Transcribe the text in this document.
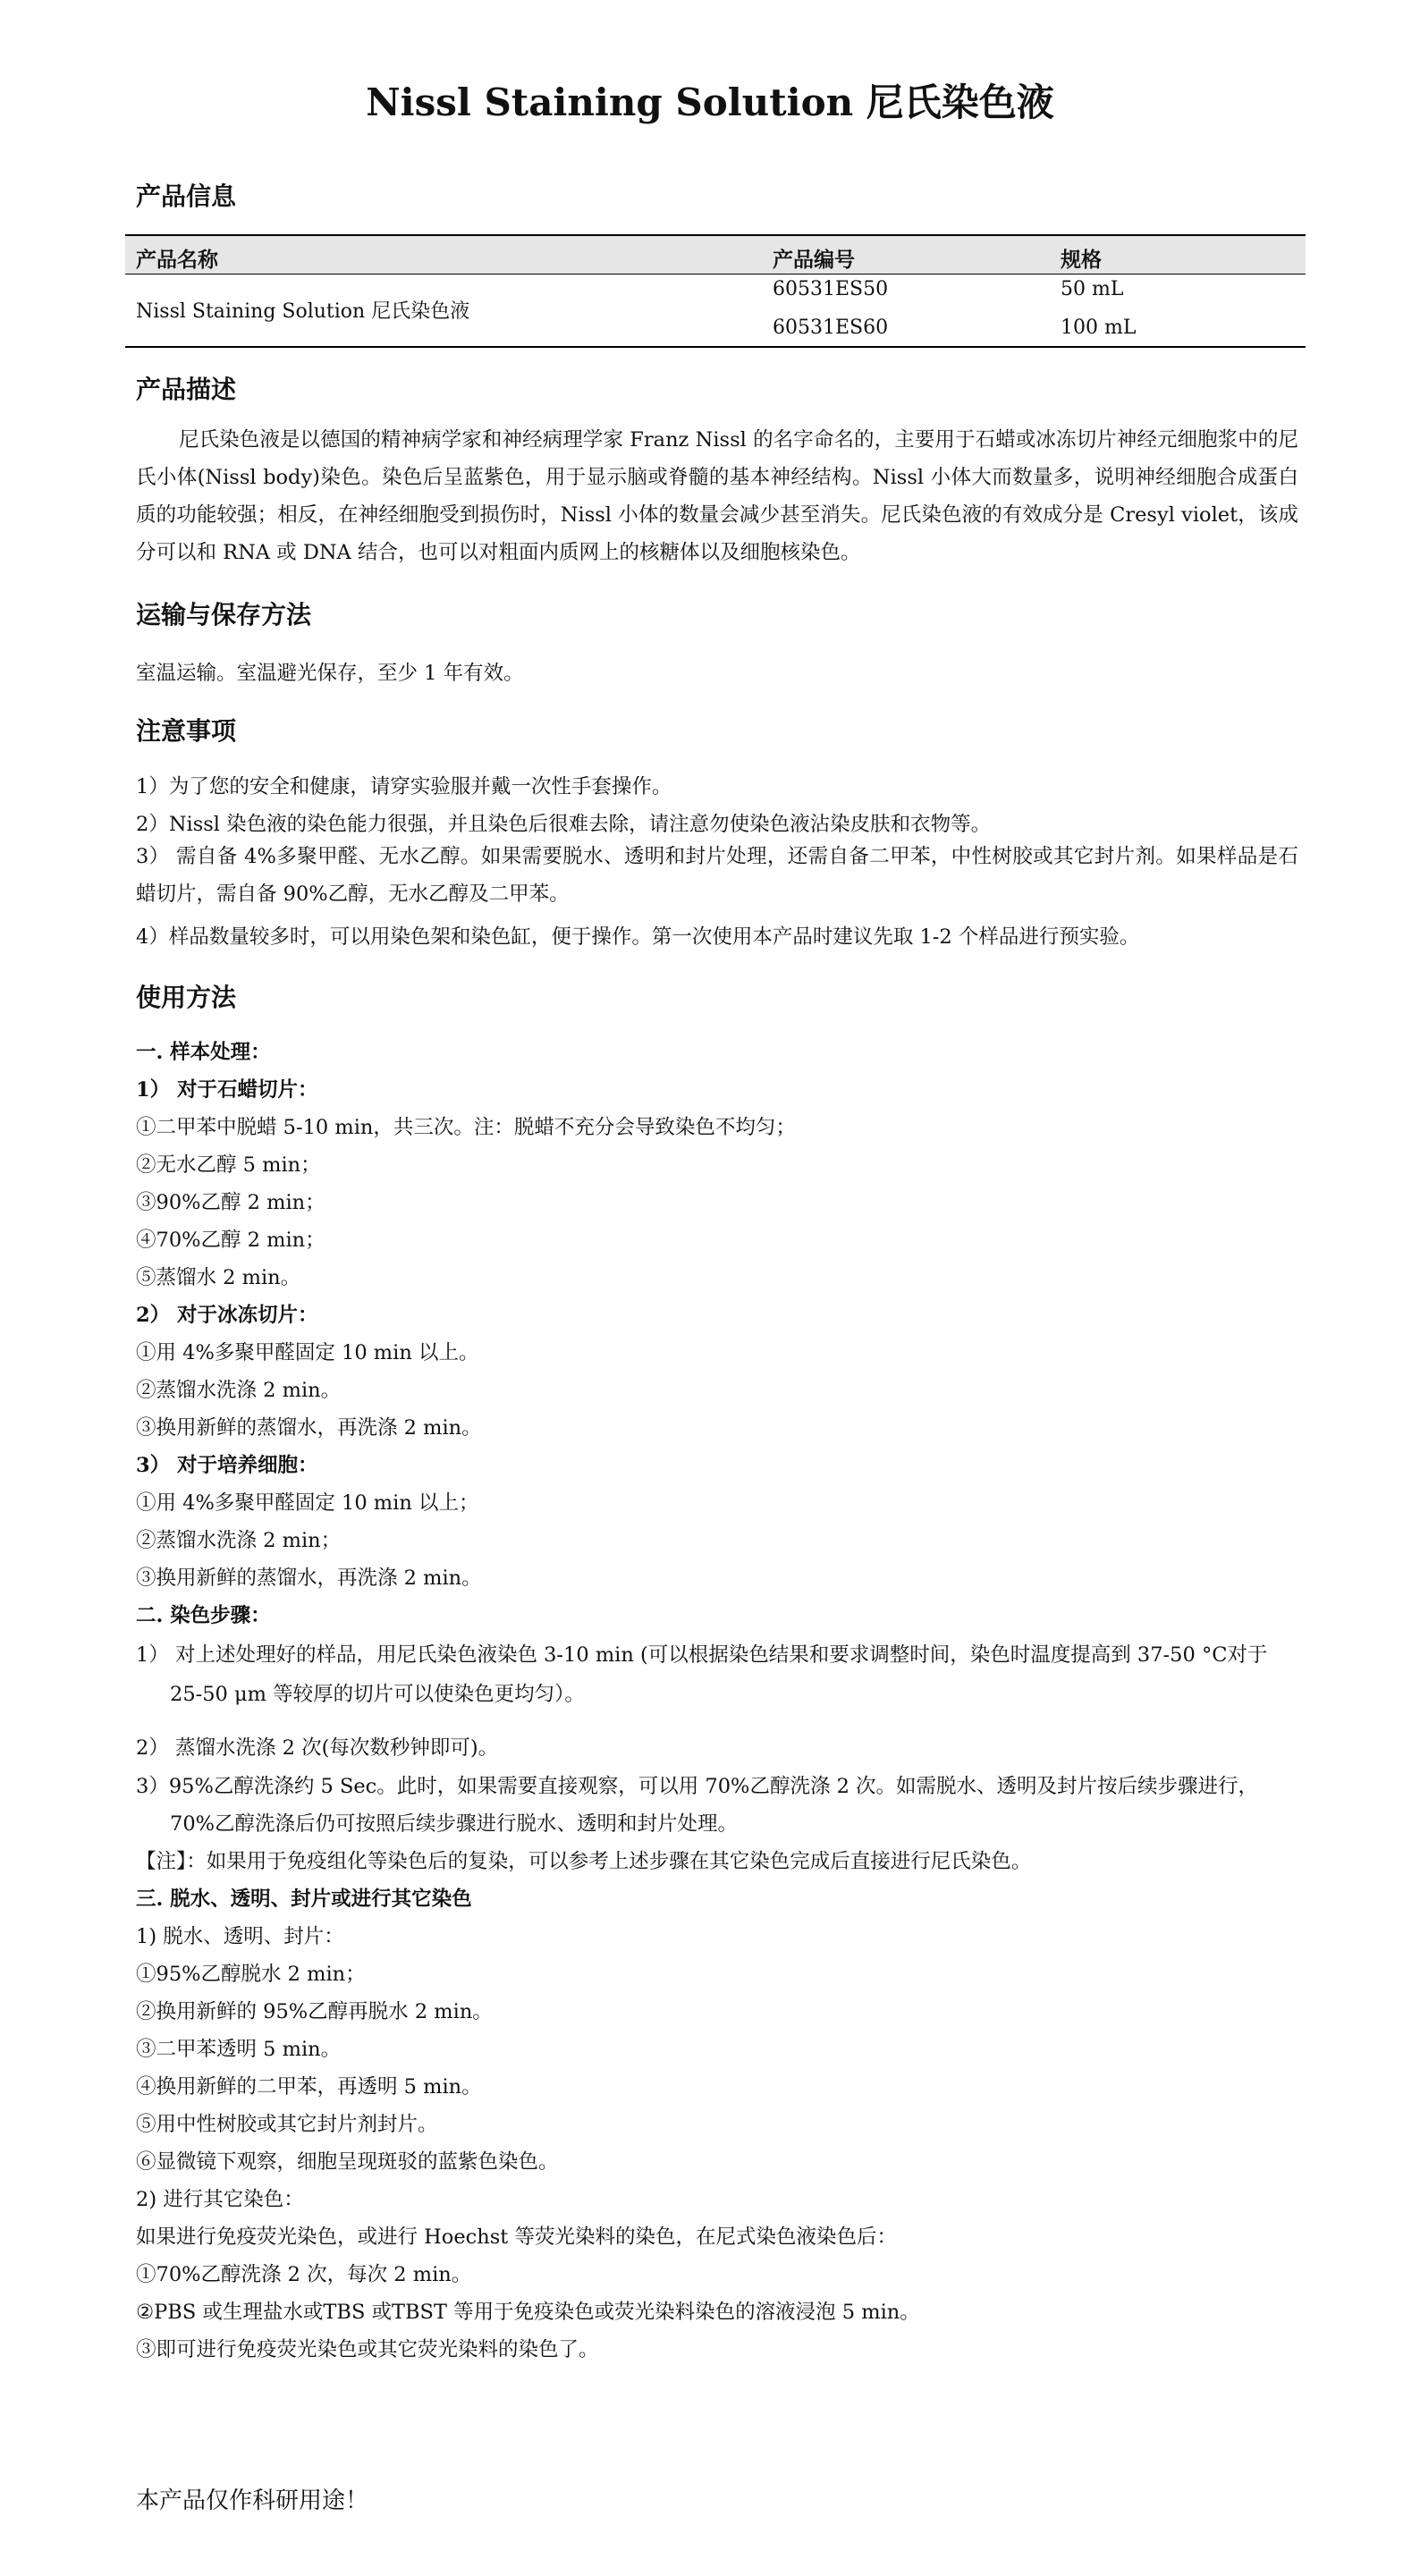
Nissl Staining Solution 尼氏染色液
产品信息
产品名称	产品编号	规格
Nissl Staining Solution 尼氏染色液
60531ES50	50 mL
60531ES60	100 mL
产品描述
尼氏染色液是以德国的精神病学家和神经病理学家 Franz Nissl 的名字命名的，主要用于石蜡或冰冻切片神经元细胞浆中的尼氏小体(Nissl body)染色。染色后呈蓝紫色，用于显示脑或脊髓的基本神经结构。Nissl 小体大而数量多，说明神经细胞合成蛋白质的功能较强；相反，在神经细胞受到损伤时，Nissl 小体的数量会减少甚至消失。尼氏染色液的有效成分是 Cresyl violet，该成分可以和 RNA 或 DNA 结合，也可以对粗面内质网上的核糖体以及细胞核染色。
运输与保存方法
室温运输。室温避光保存，至少 1 年有效。
注意事项
1）为了您的安全和健康，请穿实验服并戴一次性手套操作。
2）Nissl 染色液的染色能力很强，并且染色后很难去除，请注意勿使染色液沾染皮肤和衣物等。
3） 需自备 4%多聚甲醛、无水乙醇。如果需要脱水、透明和封片处理，还需自备二甲苯，中性树胶或其它封片剂。如果样品是石蜡切片，需自备 90%乙醇，无水乙醇及二甲苯。
4）样品数量较多时，可以用染色架和染色缸，便于操作。第一次使用本产品时建议先取 1-2 个样品进行预实验。
使用方法
一. 样本处理：
1） 对于石蜡切片：
①二甲苯中脱蜡 5-10 min，共三次。注：脱蜡不充分会导致染色不均匀；
②无水乙醇 5 min；
③90%乙醇 2 min；
④70%乙醇 2 min；
⑤蒸馏水 2 min。
2） 对于冰冻切片：
①用 4%多聚甲醛固定 10 min 以上。
②蒸馏水洗涤 2 min。
③换用新鲜的蒸馏水，再洗涤 2 min。
3） 对于培养细胞：
①用 4%多聚甲醛固定 10 min 以上；
②蒸馏水洗涤 2 min；
③换用新鲜的蒸馏水，再洗涤 2 min。
二. 染色步骤：
1） 对上述处理好的样品，用尼氏染色液染色 3-10 min (可以根据染色结果和要求调整时间，染色时温度提高到 37-50 °C对于
25-50 μm 等较厚的切片可以使染色更均匀）。
2） 蒸馏水洗涤 2 次(每次数秒钟即可)。
3）95%乙醇洗涤约 5 Sec。此时，如果需要直接观察，可以用 70%乙醇洗涤 2 次。如需脱水、透明及封片按后续步骤进行，
70%乙醇洗涤后仍可按照后续步骤进行脱水、透明和封片处理。
【注】：如果用于免疫组化等染色后的复染，可以参考上述步骤在其它染色完成后直接进行尼氏染色。
三. 脱水、透明、封片或进行其它染色
1) 脱水、透明、封片：
①95%乙醇脱水 2 min；
②换用新鲜的 95%乙醇再脱水 2 min。
③二甲苯透明 5 min。
④换用新鲜的二甲苯，再透明 5 min。
⑤用中性树胶或其它封片剂封片。
⑥显微镜下观察，细胞呈现斑驳的蓝紫色染色。
2) 进行其它染色：
如果进行免疫荧光染色，或进行 Hoechst 等荧光染料的染色，在尼式染色液染色后：
①70%乙醇洗涤 2 次，每次 2 min。
②PBS 或生理盐水或TBS 或TBST 等用于免疫染色或荧光染料染色的溶液浸泡 5 min。
③即可进行免疫荧光染色或其它荧光染料的染色了。
本产品仅作科研用途！
